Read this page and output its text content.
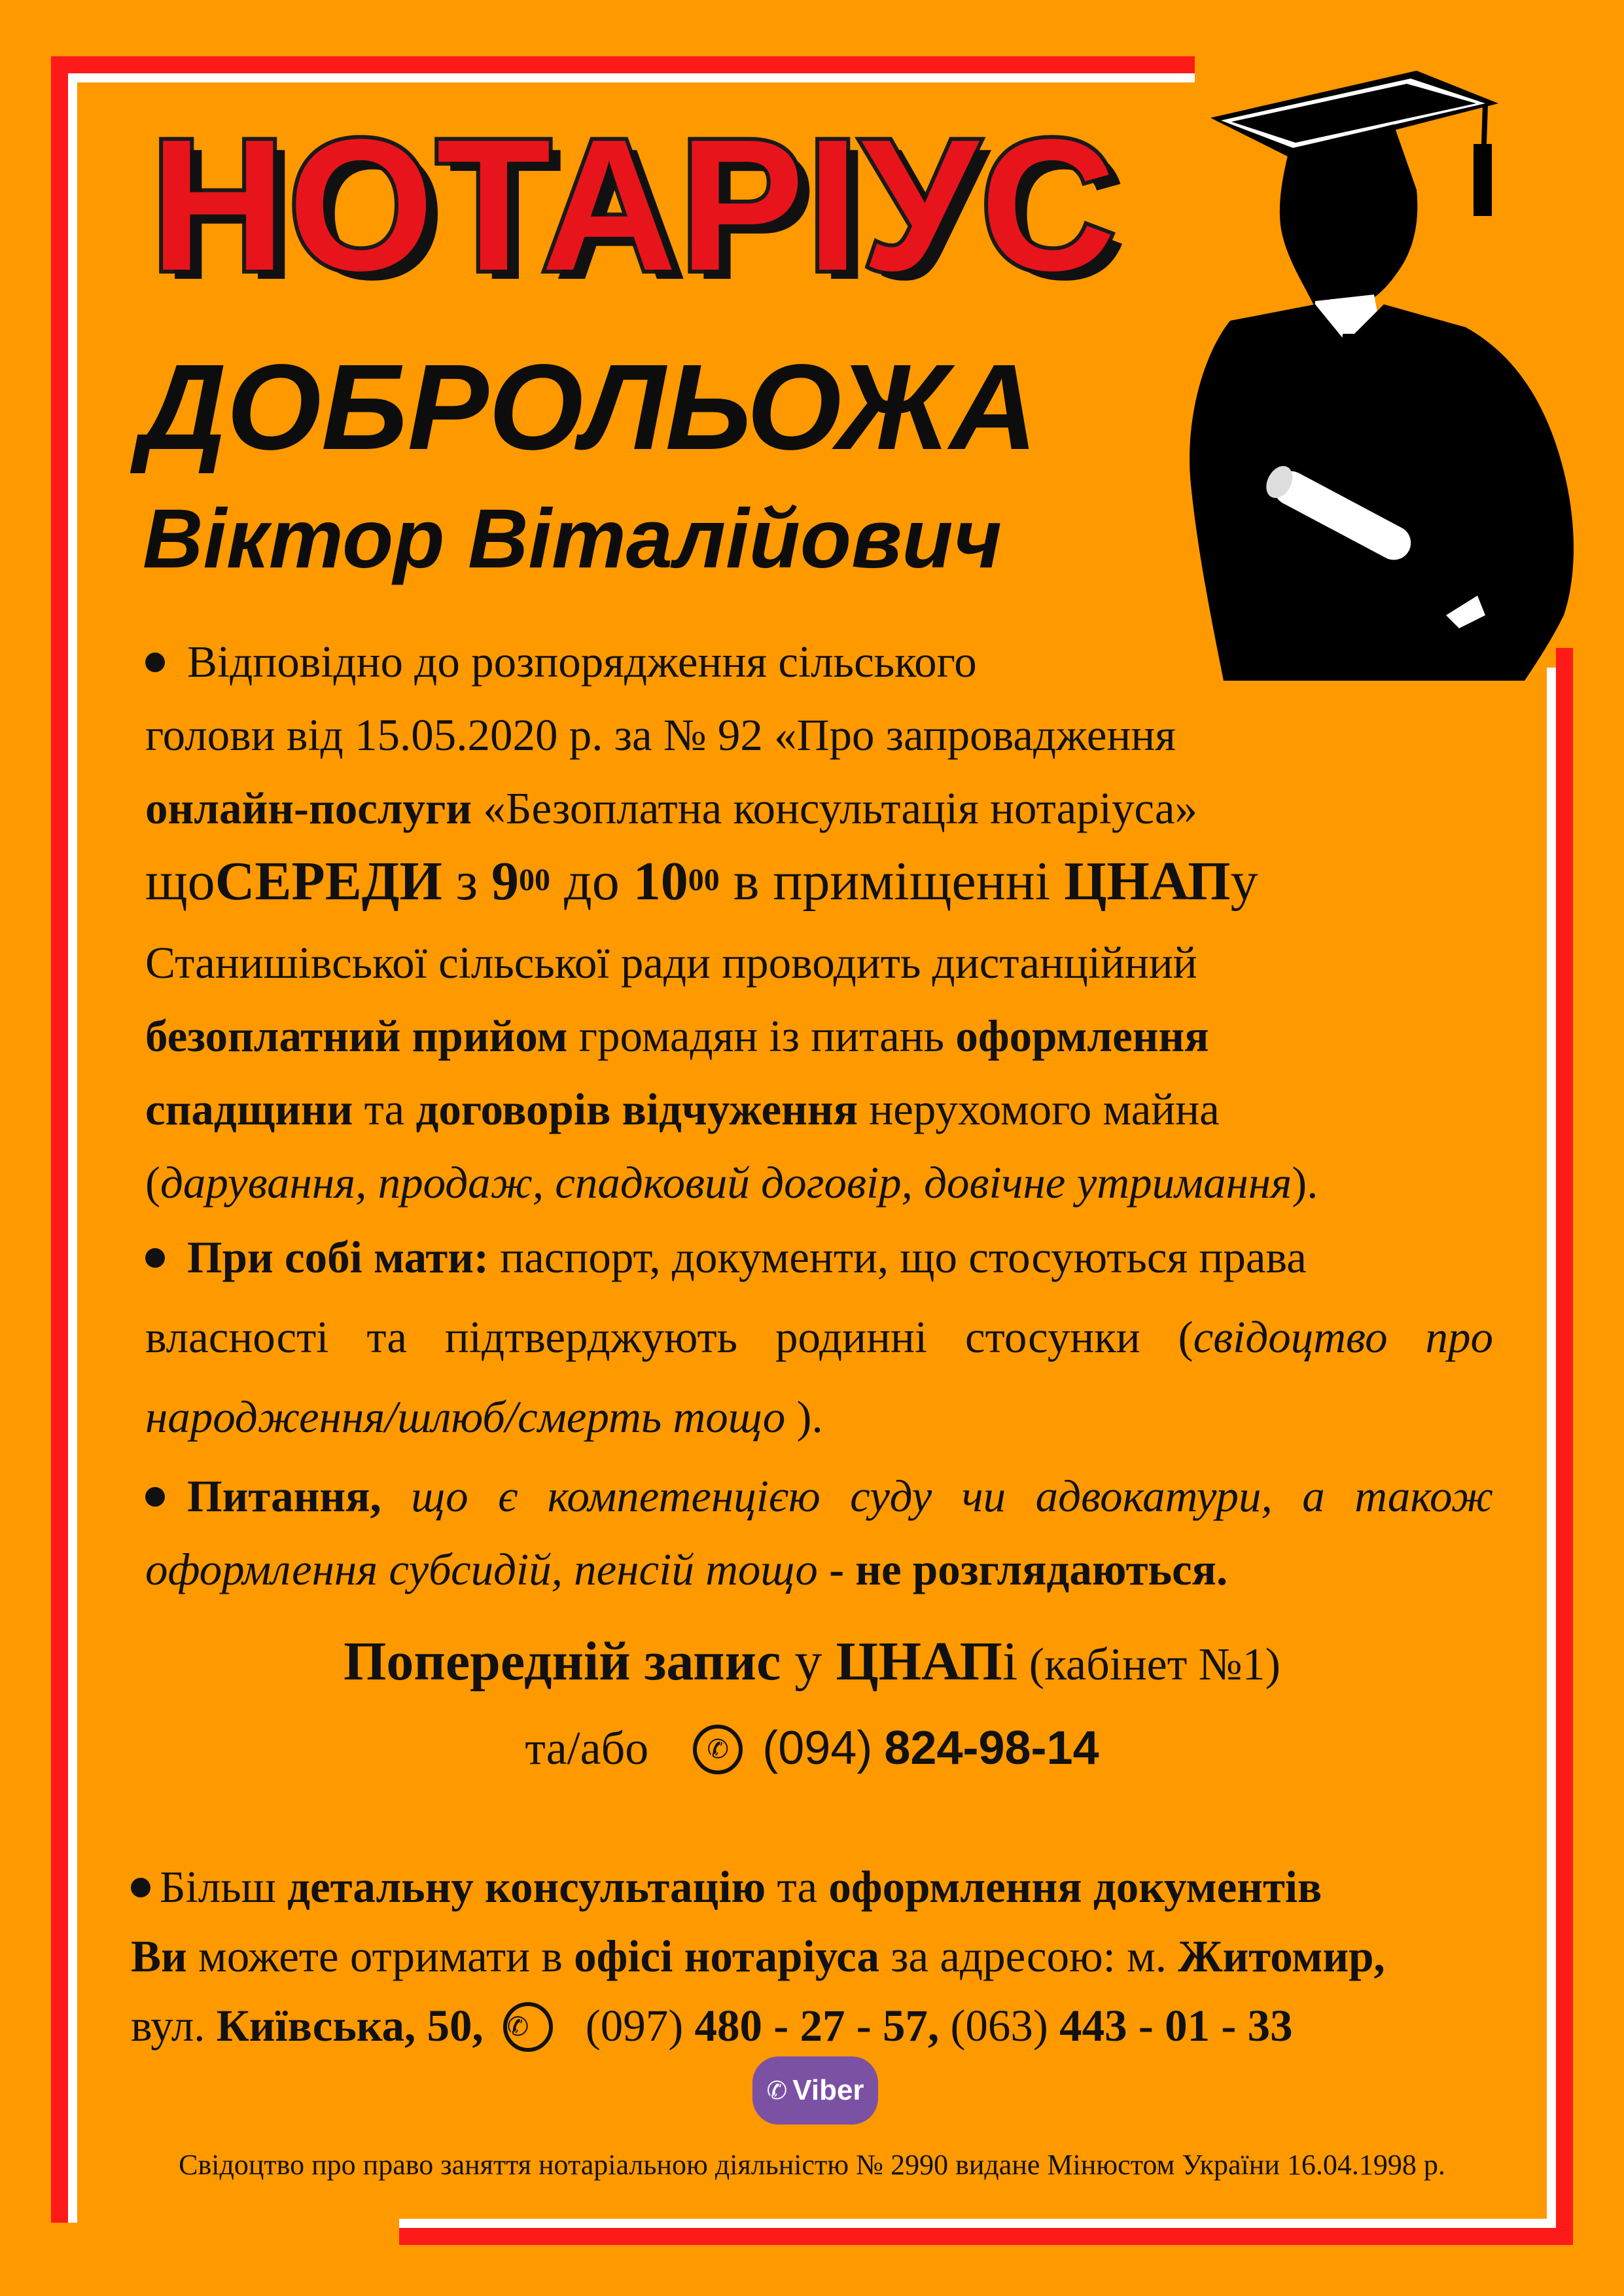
НОТАРІУС
ДОБРОЛЬОЖА
Віктор Віталійович
Відповідно до розпорядження сільського
голови від 15.05.2020 р. за № 92 «Про запровадження
онлайн-послуги «Безоплатна консультація нотаріуса»
щоСЕРЕДИ з $9^{00}$ до $10^{00}$ в приміщенні ЦНАПу
Станишівської сільської ради проводить дистанційний
безоплатний прийом громадян із питань оформлення
спадщини та договорів відчуження нерухомого майна
(дарування, продаж, спадковий договір, довічне утримання).
При собі мати: паспорт, документи, що стосуються права
власності та підтверджують родинні стосунки (свідоцтво про народження/шлюб/смерть тощо ).
Питання, що є компетенцією суду чи адвокатури, а також оформлення субсидій, пенсій тощо - не розглядаються.
Попередній запис у ЦНАПі (кабінет №1)
та/або ✆ (094) 824-98-14
Більш детальну консультацію та оформлення документів
Ви можете отримати в офісі нотаріуса за адресою: м. Житомир,
вул. Київська, 50, ✆ (097) 480 - 27 - 57, (063) 443 - 01 - 33
✆ Viber
Свідоцтво про право заняття нотаріальною діяльністю № 2990 видане Мінюстом України 16.04.1998 р.
